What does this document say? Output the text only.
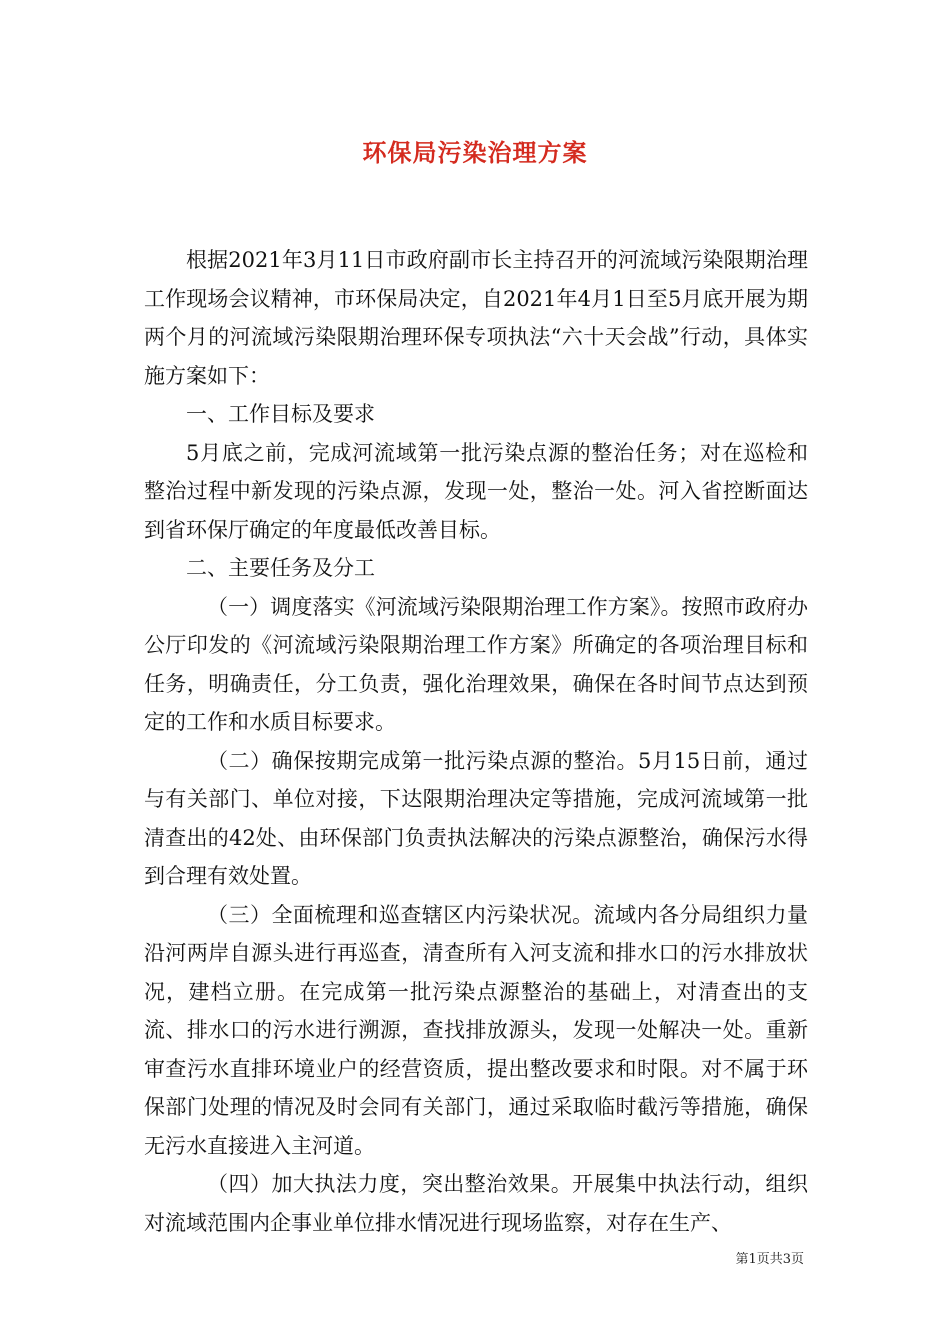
环保局污染治理方案

根据2021年3月11日市政府副市长主持召开的河流域污染限期治理工作现场会议精神，市环保局决定，自2021年4月1日至5月底开展为期两个月的河流域污染限期治理环保专项执法“六十天会战”行动，具体实施方案如下：

一、工作目标及要求

5月底之前，完成河流域第一批污染点源的整治任务；对在巡检和整治过程中新发现的污染点源，发现一处，整治一处。河入省控断面达到省环保厅确定的年度最低改善目标。

二、主要任务及分工

（一）调度落实《河流域污染限期治理工作方案》。按照市政府办公厅印发的《河流域污染限期治理工作方案》所确定的各项治理目标和任务，明确责任，分工负责，强化治理效果，确保在各时间节点达到预定的工作和水质目标要求。

（二）确保按期完成第一批污染点源的整治。5月15日前，通过与有关部门、单位对接，下达限期治理决定等措施，完成河流域第一批清查出的42处、由环保部门负责执法解决的污染点源整治，确保污水得到合理有效处置。

（三）全面梳理和巡查辖区内污染状况。流域内各分局组织力量沿河两岸自源头进行再巡查，清查所有入河支流和排水口的污水排放状况，建档立册。在完成第一批污染点源整治的基础上，对清查出的支流、排水口的污水进行溯源，查找排放源头，发现一处解决一处。重新审查污水直排环境业户的经营资质，提出整改要求和时限。对不属于环保部门处理的情况及时会同有关部门，通过采取临时截污等措施，确保无污水直接进入主河道。

（四）加大执法力度，突出整治效果。开展集中执法行动，组织对流域范围内企事业单位排水情况进行现场监察，对存在生产、

第1页共3页
